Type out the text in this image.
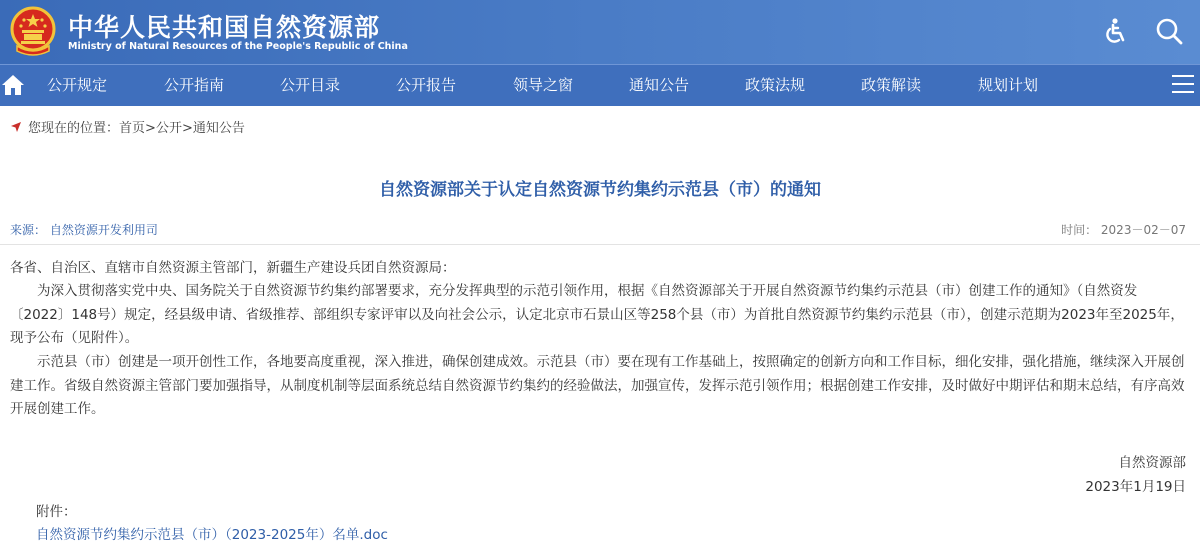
中华人民共和国自然资源部
Ministry of Natural Resources of the People's Republic of China
公开规定	公开指南	公开目录	公开报告	领导之窗	通知公告	政策法规	政策解读	规划计划
您现在的位置：首页>公开>通知公告
自然资源部关于认定自然资源节约集约示范县（市）的通知
来源： 自然资源开发利用司	时间： 2023－02－07
各省、自治区、直辖市自然资源主管部门，新疆生产建设兵团自然资源局：
为深入贯彻落实党中央、国务院关于自然资源节约集约部署要求，充分发挥典型的示范引领作用，根据《自然资源部关于开展自然资源节约集约示范县（市）创建工作的通知》（自然资发〔2022〕148号）规定，经县级申请、省级推荐、部组织专家评审以及向社会公示，认定北京市石景山区等258个县（市）为首批自然资源节约集约示范县（市），创建示范期为2023年至2025年，现予公布（见附件）。
示范县（市）创建是一项开创性工作，各地要高度重视，深入推进，确保创建成效。示范县（市）要在现有工作基础上，按照确定的创新方向和工作目标，细化安排，强化措施，继续深入开展创建工作。省级自然资源主管部门要加强指导，从制度机制等层面系统总结自然资源节约集约的经验做法，加强宣传，发挥示范引领作用；根据创建工作安排，及时做好中期评估和期末总结，有序高效开展创建工作。
自然资源部
2023年1月19日
附件：
自然资源节约集约示范县（市）（2023-2025年）名单.doc
